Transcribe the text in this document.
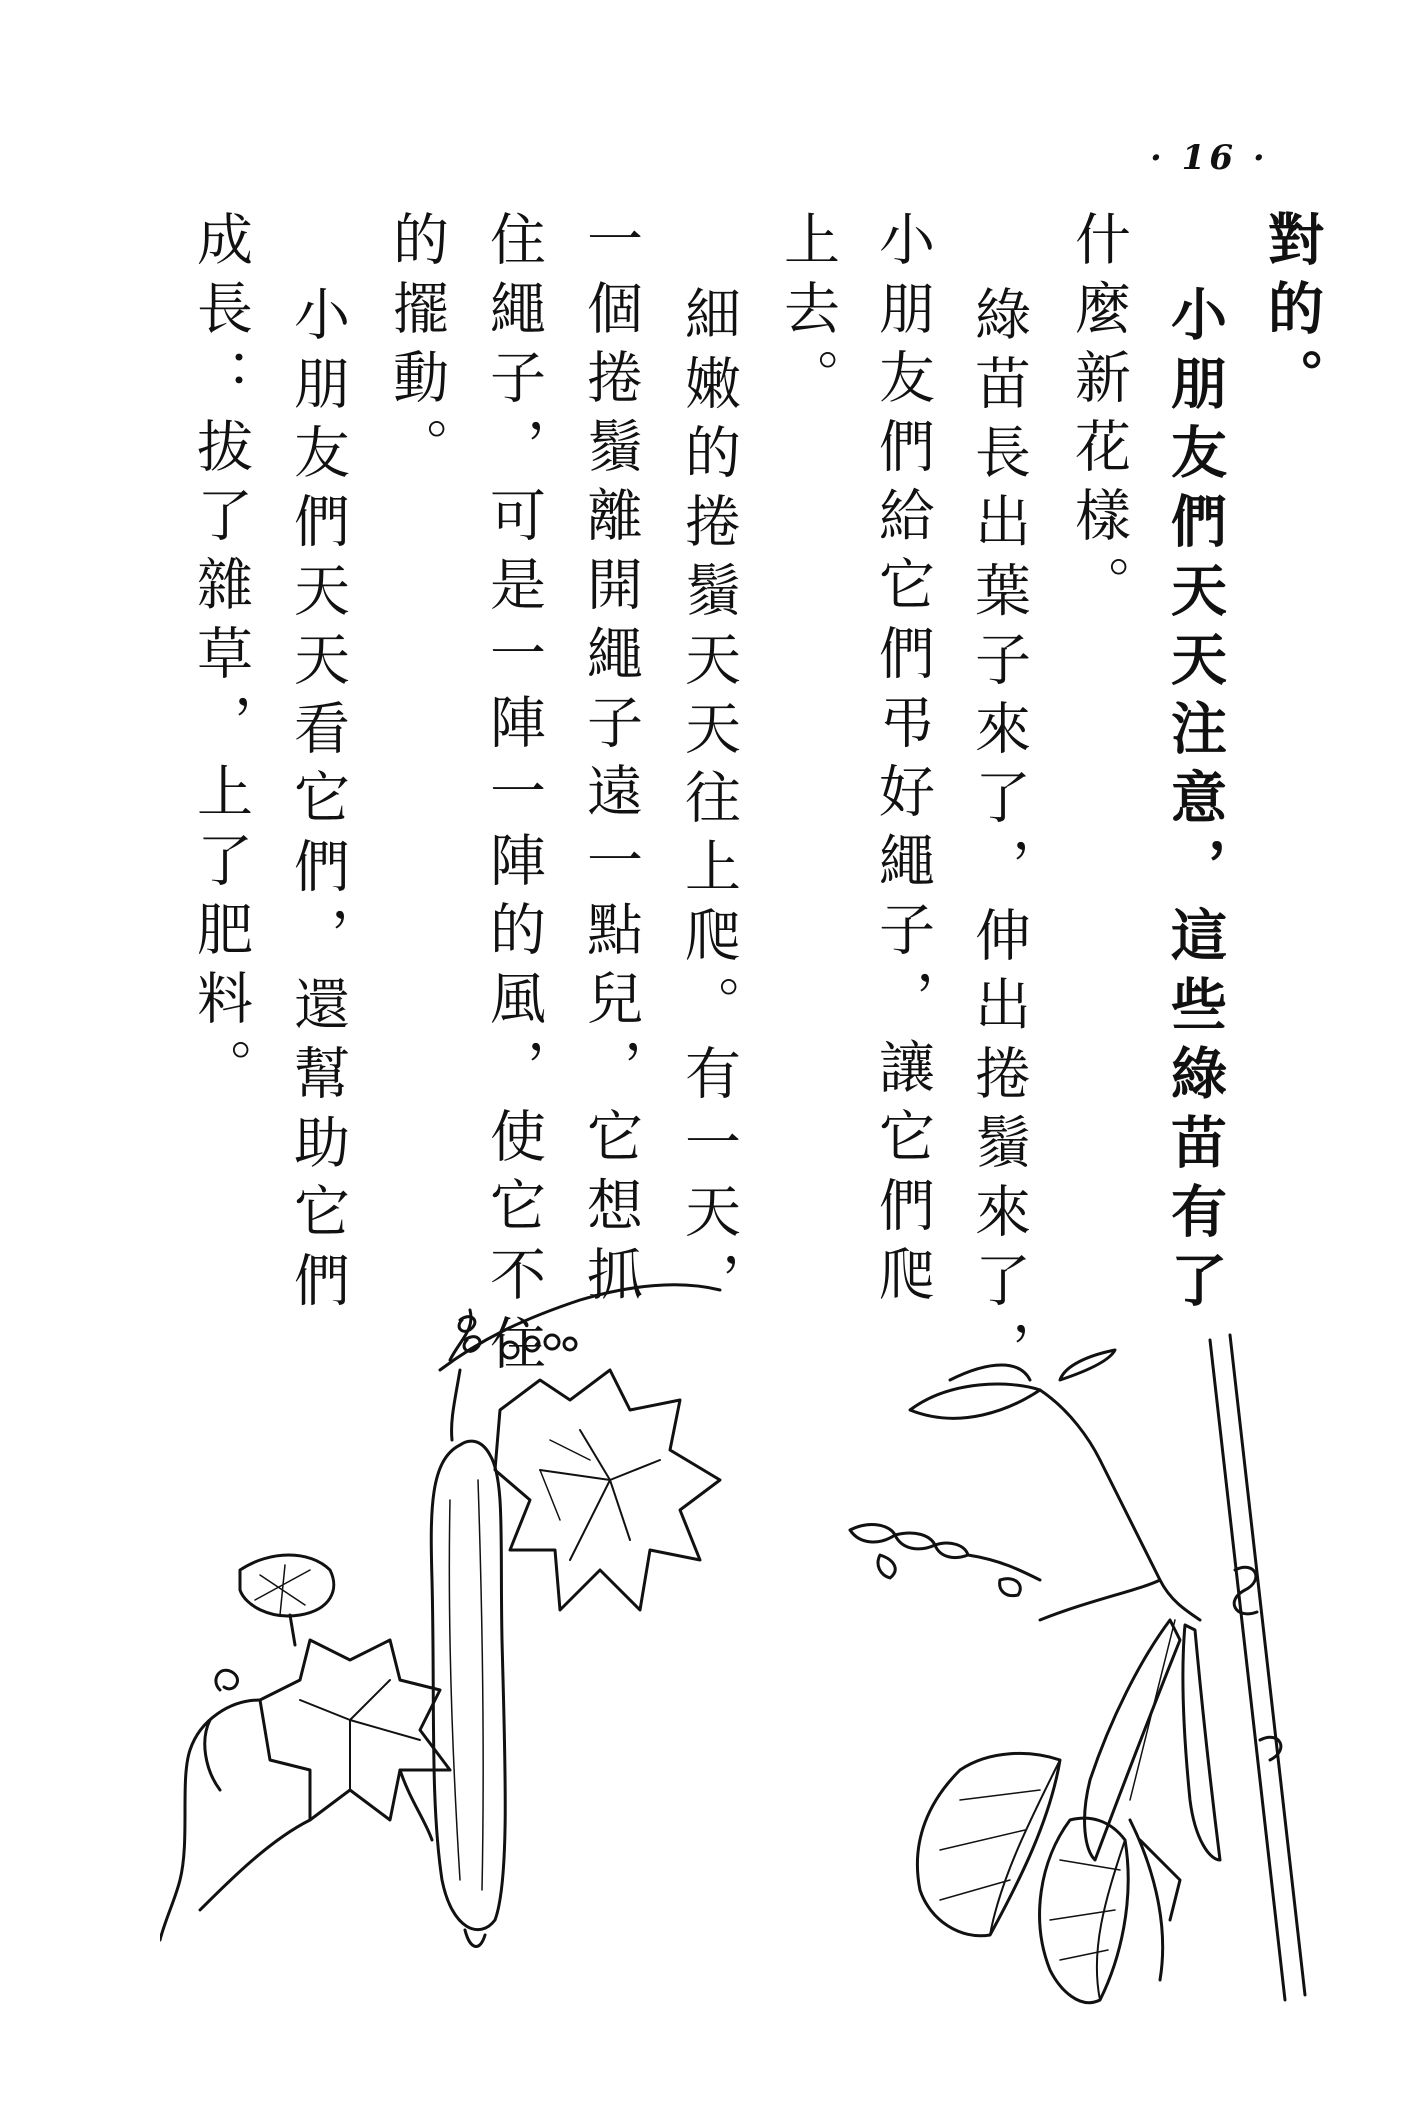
· 16 ·
對的。
小朋友們天天注意，這些綠苗有了
什麼新花樣。
綠苗長出葉子來了，伸出捲鬚來了，
小朋友們給它們弔好繩子，讓它們爬
上去。
細嫩的捲鬚天天往上爬。有一天，
一個捲鬚離開繩子遠一點兒，它想抓
住繩子，可是一陣一陣的風，使它不住
的擺動。
小朋友們天天看它們，還幫助它們
成長：拔了雜草，上了肥料。
